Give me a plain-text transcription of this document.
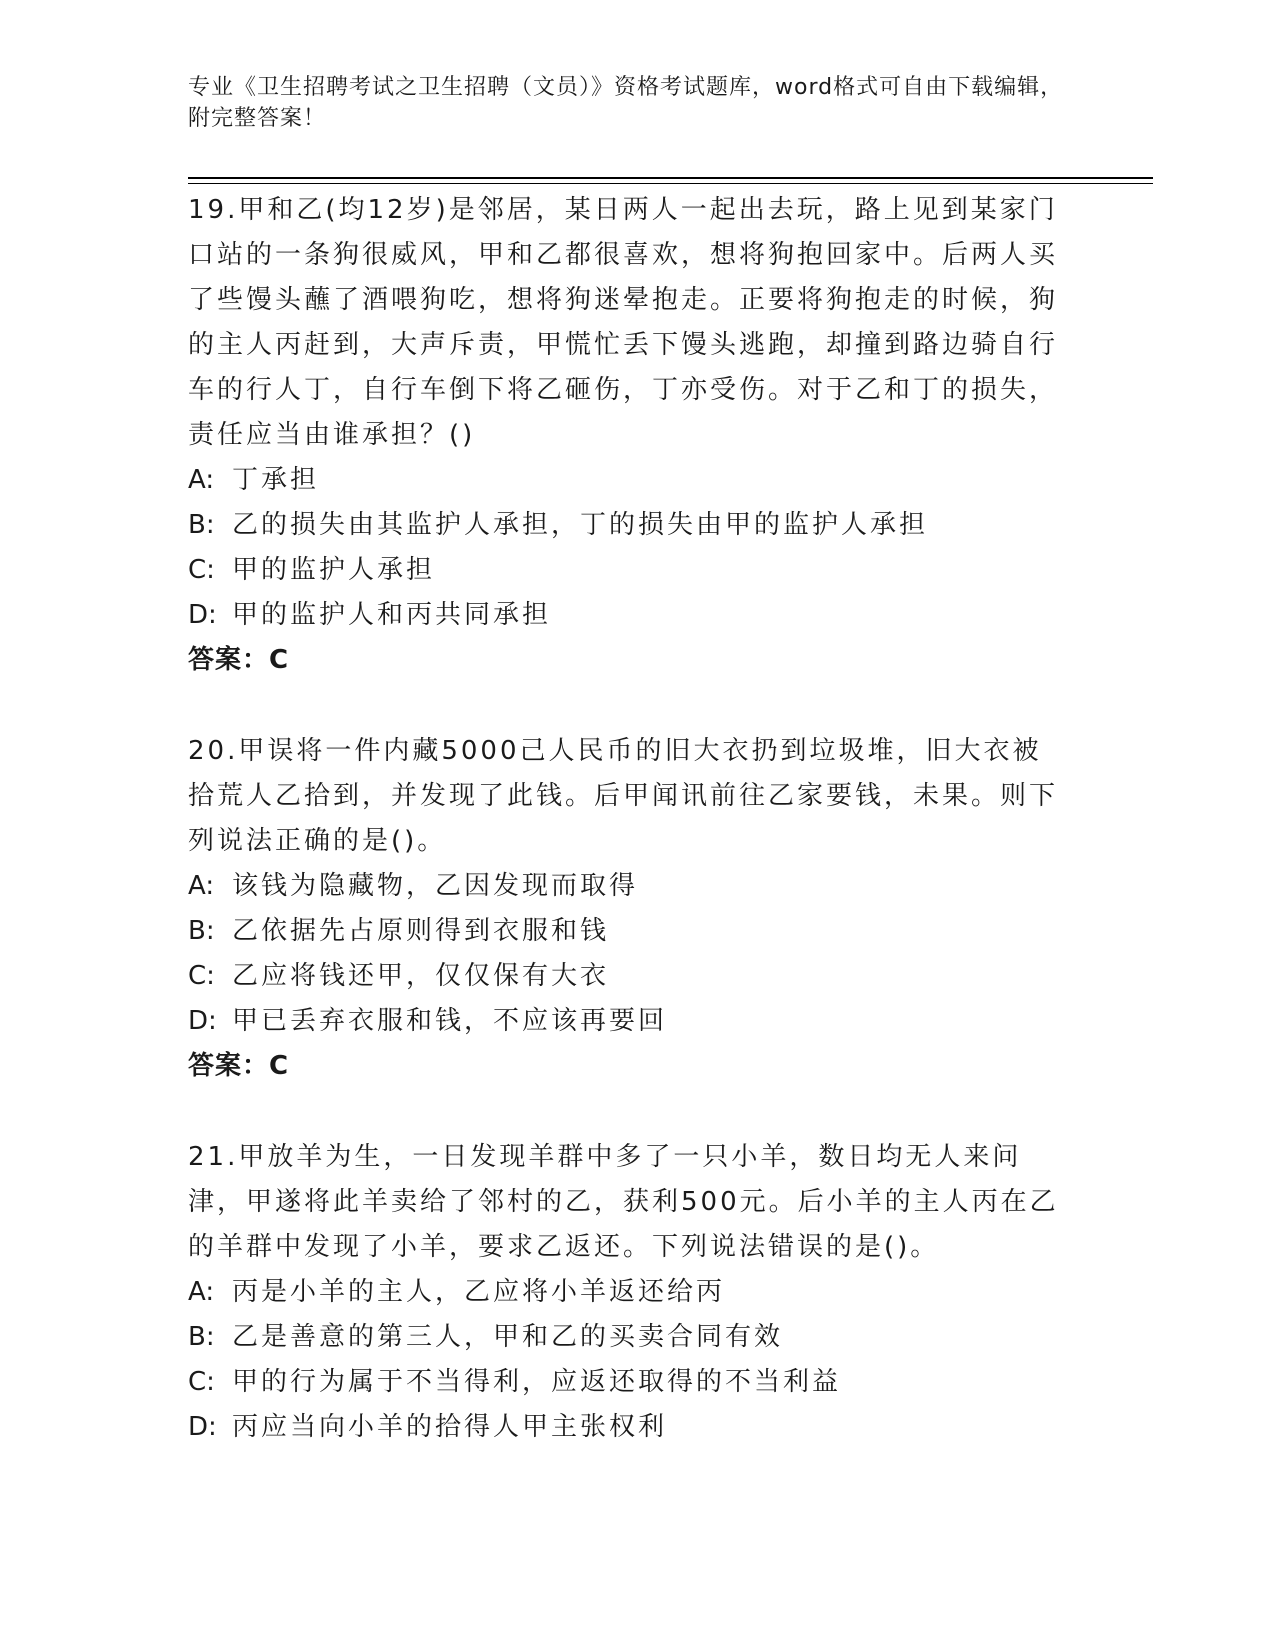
专业《卫生招聘考试之卫生招聘（文员）》资格考试题库，word格式可自由下载编辑，附完整答案！

19.甲和乙(均12岁)是邻居，某日两人一起出去玩，路上见到某家门口站的一条狗很威风，甲和乙都很喜欢，想将狗抱回家中。后两人买了些馒头蘸了酒喂狗吃，想将狗迷晕抱走。正要将狗抱走的时候，狗的主人丙赶到，大声斥责，甲慌忙丢下馒头逃跑，却撞到路边骑自行车的行人丁，自行车倒下将乙砸伤，丁亦受伤。对于乙和丁的损失，责任应当由谁承担？()

A: 丁承担

B: 乙的损失由其监护人承担，丁的损失由甲的监护人承担

C: 甲的监护人承担

D: 甲的监护人和丙共同承担

答案：C

20.甲误将一件内藏5000己人民币的旧大衣扔到垃圾堆，旧大衣被拾荒人乙拾到，并发现了此钱。后甲闻讯前往乙家要钱，未果。则下列说法正确的是()。

A: 该钱为隐藏物，乙因发现而取得

B: 乙依据先占原则得到衣服和钱

C: 乙应将钱还甲，仅仅保有大衣

D: 甲已丢弃衣服和钱，不应该再要回

答案：C

21.甲放羊为生，一日发现羊群中多了一只小羊，数日均无人来问津，甲遂将此羊卖给了邻村的乙，获利500元。后小羊的主人丙在乙的羊群中发现了小羊，要求乙返还。下列说法错误的是()。

A: 丙是小羊的主人，乙应将小羊返还给丙

B: 乙是善意的第三人，甲和乙的买卖合同有效

C: 甲的行为属于不当得利，应返还取得的不当利益

D: 丙应当向小羊的拾得人甲主张权利
